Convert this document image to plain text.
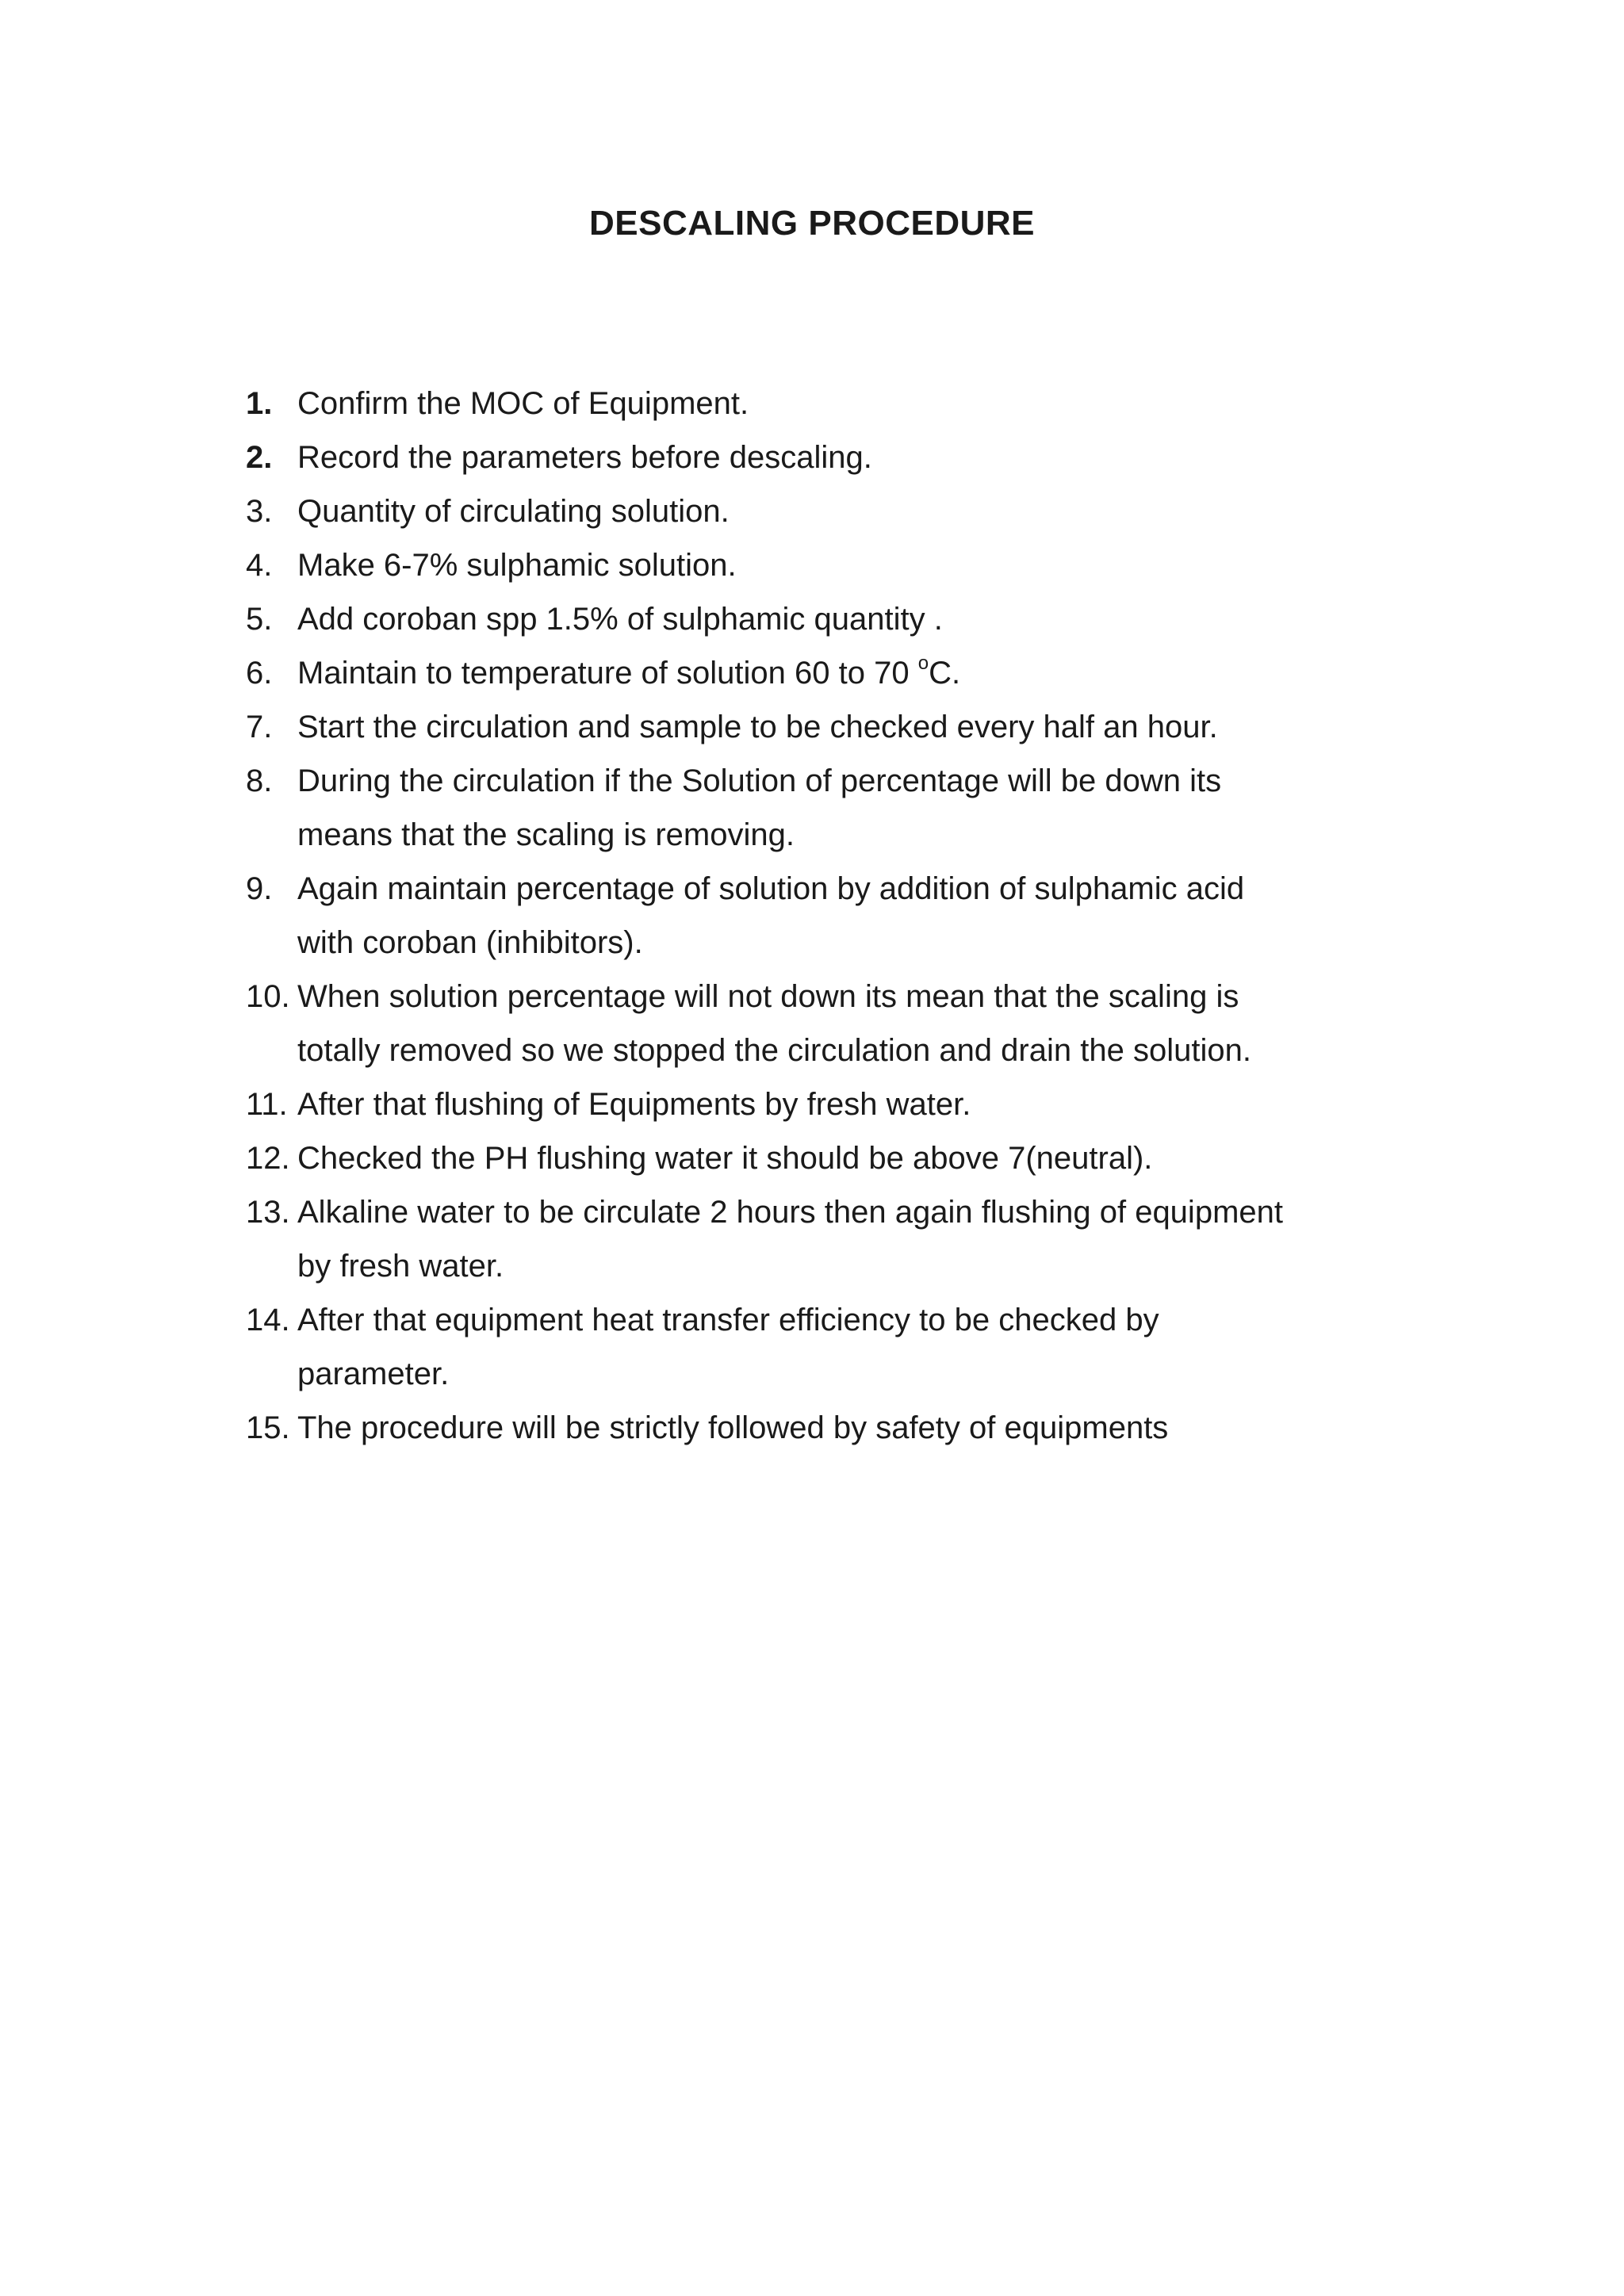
DESCALING PROCEDURE
1. Confirm the MOC of Equipment.
2. Record the parameters before descaling.
3. Quantity of circulating solution.
4. Make 6-7% sulphamic solution.
5. Add coroban spp 1.5% of sulphamic quantity .
6. Maintain to temperature of solution 60 to 70 $^o$C.
7. Start the circulation and sample to be checked every half an hour.
8. During the circulation if the Solution of percentage will be down its
means that the scaling is removing.
9. Again maintain percentage of solution by addition of sulphamic acid
with coroban (inhibitors).
10. When solution percentage will not down its mean that the scaling is
totally removed so we stopped the circulation and drain the solution.
11. After that flushing of Equipments by fresh water.
12. Checked the PH flushing water it should be above 7(neutral).
13. Alkaline water to be circulate 2 hours then again flushing of equipment
by fresh water.
14. After that equipment heat transfer efficiency to be checked by
parameter.
15. The procedure will be strictly followed by safety of equipments
